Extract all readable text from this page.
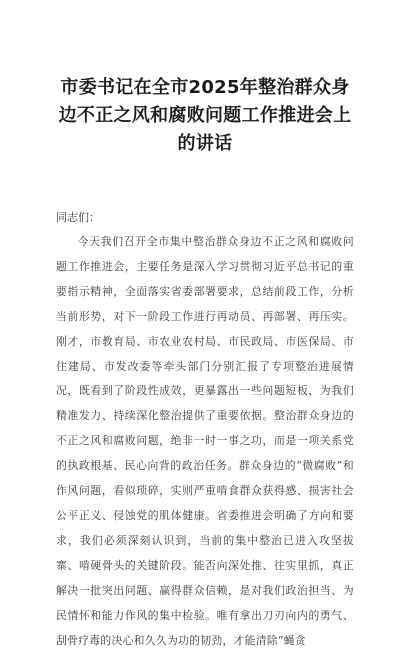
市委书记在全市2025年整治群众身边不正之风和腐败问题工作推进会上的讲话

同志们：

今天我们召开全市集中整治群众身边不正之风和腐败问题工作推进会，主要任务是深入学习贯彻习近平总书记的重要指示精神，全面落实省委部署要求，总结前段工作，分析当前形势，对下一阶段工作进行再动员、再部署、再压实。刚才，市教育局、市农业农村局、市民政局、市医保局、市住建局、市发改委等牵头部门分别汇报了专项整治进展情况，既看到了阶段性成效，更暴露出一些问题短板，为我们精准发力、持续深化整治提供了重要依据。整治群众身边的不正之风和腐败问题，绝非一时一事之功，而是一项关系党的执政根基、民心向背的政治任务。群众身边的“微腐败”和作风问题，看似琐碎，实则严重啃食群众获得感、损害社会公平正义、侵蚀党的肌体健康。省委推进会明确了方向和要求，我们必须深刻认识到，当前的集中整治已进入攻坚拔寨、啃硬骨头的关键阶段。能否向深处推、往实里抓，真正解决一批突出问题、赢得群众信赖，是对我们政治担当、为民情怀和能力作风的集中检验。唯有拿出刀刃向内的勇气、刮骨疗毒的决心和久久为功的韧劲，才能清除“蝇贪
